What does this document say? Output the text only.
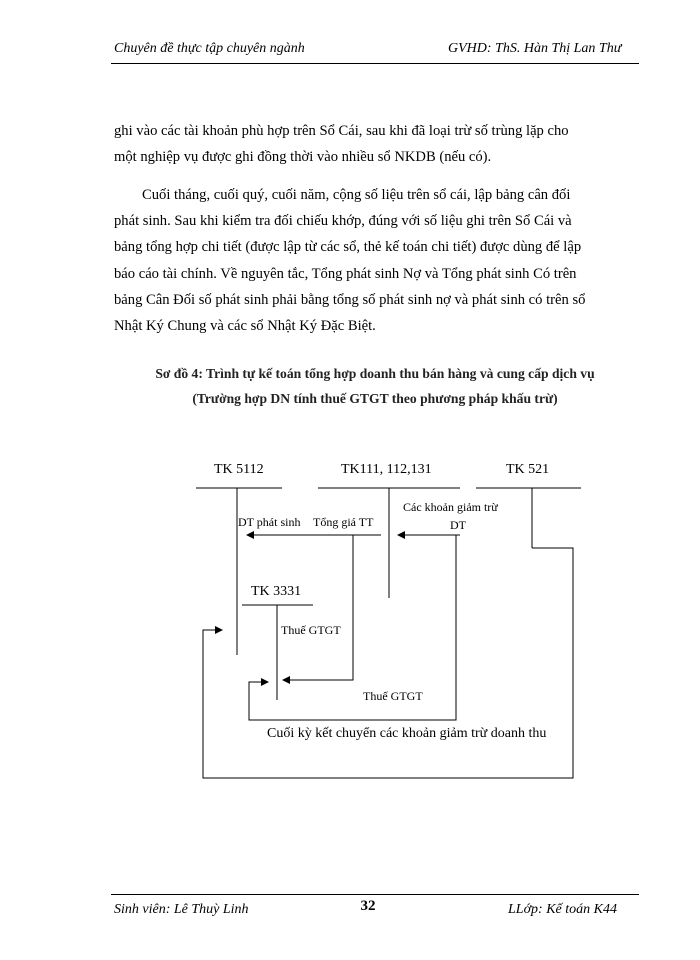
Chuyên đề thực tập chuyên ngành	GVHD: ThS. Hàn Thị Lan Thư
ghi vào các tài khoản phù hợp trên Sổ Cái, sau khi đã loại trừ số trùng lặp cho
một nghiệp vụ được ghi đồng thời vào nhiều sổ NKDB (nếu có).
Cuối tháng, cuối quý, cuối năm, cộng số liệu trên sổ cái, lập bảng cân đối
phát sinh. Sau khi kiểm tra đối chiếu khớp, đúng với số liệu ghi trên Sổ Cái và
bảng tổng hợp chi tiết (được lập từ các sổ, thẻ kế toán chi tiết) được dùng để lập
báo cáo tài chính. Về nguyên tắc, Tổng phát sinh Nợ và Tổng phát sinh Có trên
bảng Cân Đối số phát sinh phải bằng tổng số phát sinh nợ và phát sinh có trên sổ
Nhật Ký Chung và các sổ Nhật Ký Đặc Biệt.
Sơ đồ 4: Trình tự kế toán tổng hợp doanh thu bán hàng và cung cấp dịch vụ
(Trường hợp DN tính thuế GTGT theo phương pháp khấu trừ)
TK 5112	TK111, 112,131	TK 521
TK 3331
DT phát sinh Tổng giá TT
Các khoản giảm trừ
DT
Thuế GTGT
Thuế GTGT
Cuối kỳ kết chuyển các khoản giảm trừ doanh thu
Sinh viên: Lê Thuỳ Linh	32	LLớp: Kế toán K44
